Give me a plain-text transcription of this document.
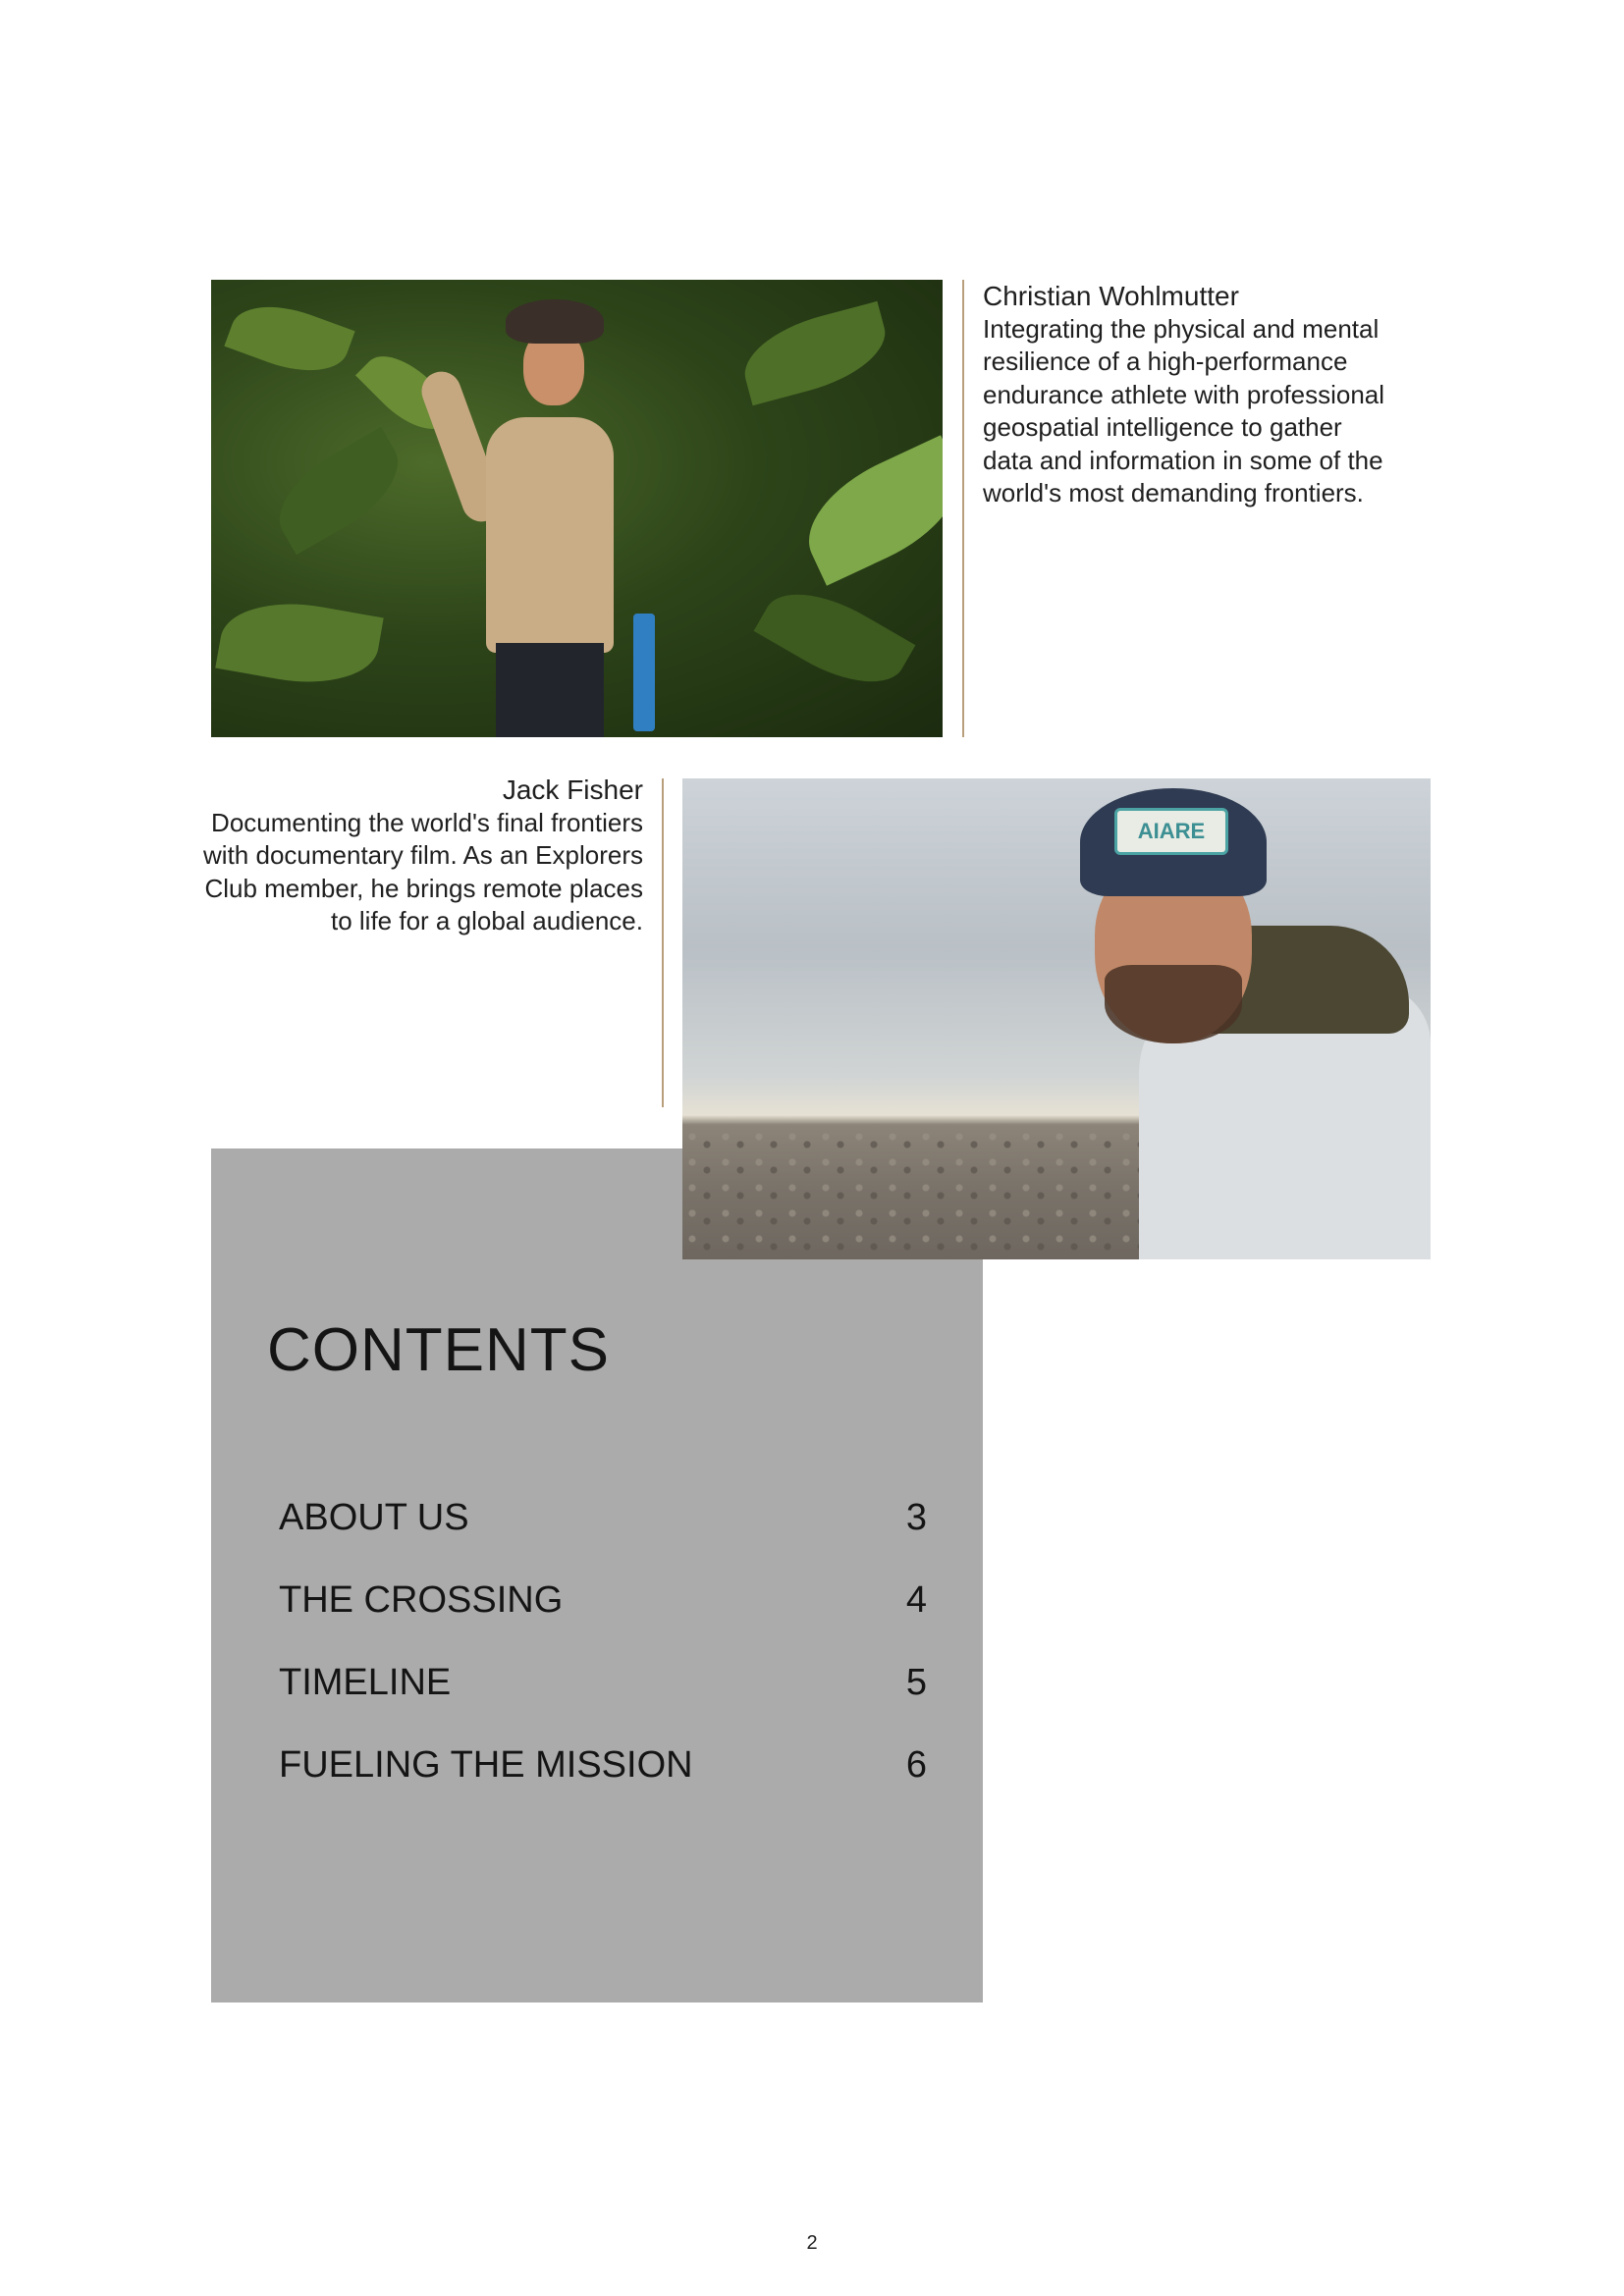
Christian Wohlmutter
Integrating the physical and mental resilience of a high-performance endurance athlete with professional geospatial intelligence to gather data and information in some of the world's most demanding frontiers.
Jack Fisher
Documenting the world's final frontiers with documentary film. As an Explorers Club member, he brings remote places to life for a global audience.
AIARE
CONTENTS
ABOUT US	3
THE CROSSING	4
TIMELINE	5
FUELING THE MISSION	6
2
